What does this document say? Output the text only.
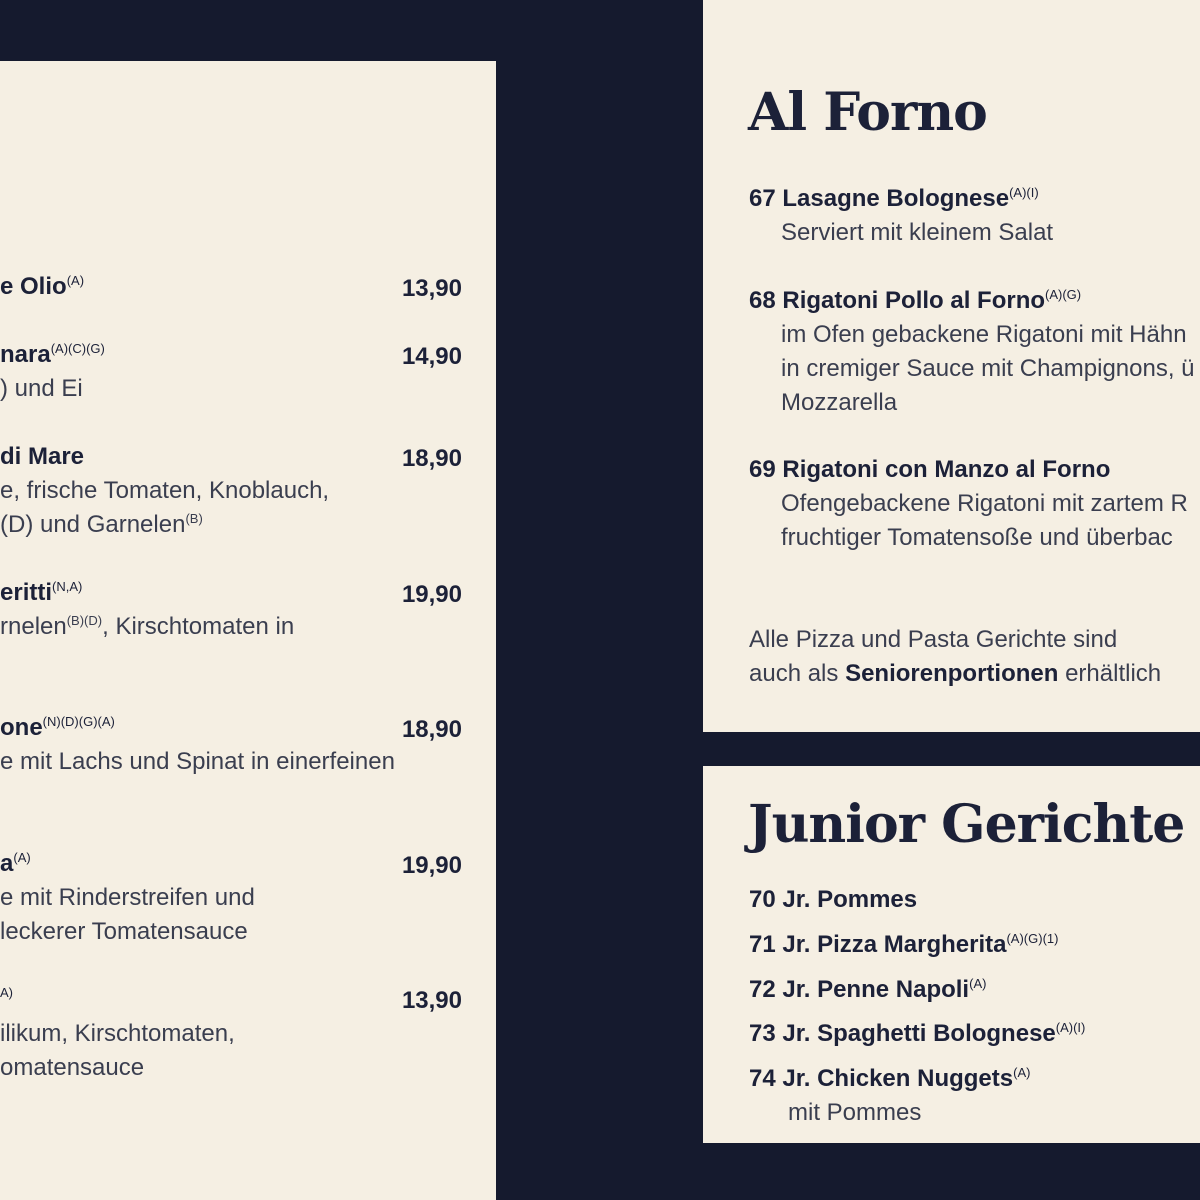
e Olio$^{(A)}$	13,90
nara$^{(A)(C)(G)}$	14,90
) und Ei
di Mare	18,90
e, frische Tomaten, Knoblauch,
(D) und Garnelen$^{(B)}$
eritti$^{(N,A)}$	19,90
rnelen$^{(B)(D)}$, Kirschtomaten in
one$^{(N)(D)(G)(A)}$	18,90
e mit Lachs und Spinat in einerfeinen
$a^{(A)}$	19,90
e mit Rinderstreifen und
leckerer Tomatensauce
$^{A)}$	13,90
ilikum, Kirschtomaten,
omatensauce
Al Forno
67 Lasagne Bolognese$^{(A)(I)}$
Serviert mit kleinem Salat
68 Rigatoni Pollo al Forno$^{(A)(G)}$
im Ofen gebackene Rigatoni mit Hähn
in cremiger Sauce mit Champignons, ü
Mozzarella
69 Rigatoni con Manzo al Forno
Ofengebackene Rigatoni mit zartem R
fruchtiger Tomatensoße und überbac
Alle Pizza und Pasta Gerichte sind
auch als Seniorenportionen erhältlich
Junior Gerichte
70 Jr. Pommes
71 Jr. Pizza Margherita$^{(A)(G)(1)}$
72 Jr. Penne Napoli$^{(A)}$
73 Jr. Spaghetti Bolognese$^{(A)(I)}$
74 Jr. Chicken Nuggets$^{(A)}$
mit Pommes
